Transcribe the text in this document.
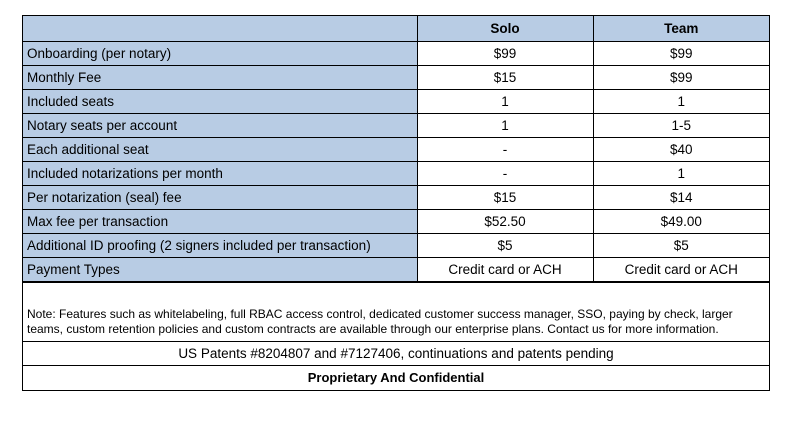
	Solo	Team
Onboarding (per notary)	$99	$99
Monthly Fee	$15	$99
Included seats	1	1
Notary seats per account	1	1-5
Each additional seat	-	$40
Included notarizations per month	-	1
Per notarization (seal) fee	$15	$14
Max fee per transaction	$52.50	$49.00
Additional ID proofing (2 signers included per transaction)	$5	$5
Payment Types	Credit card or ACH	Credit card or ACH
Note: Features such as whitelabeling, full RBAC access control, dedicated customer success manager, SSO, paying by check, larger teams, custom retention policies and custom contracts are available through our enterprise plans. Contact us for more information.
US Patents #8204807 and #7127406, continuations and patents pending
Proprietary And Confidential
